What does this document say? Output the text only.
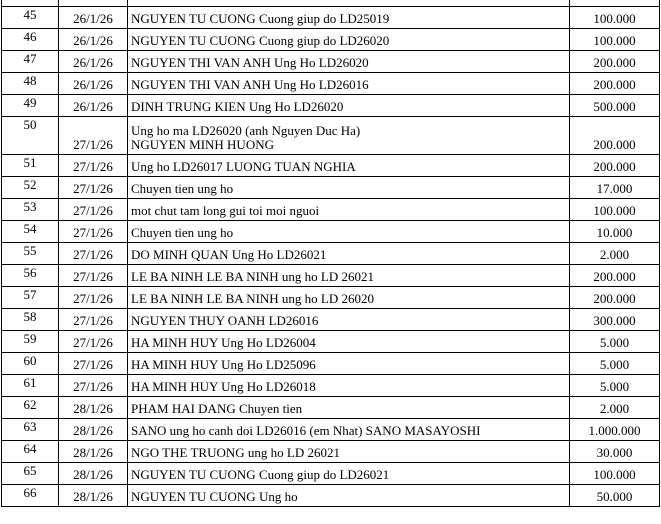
45	26/1/26	NGUYEN TU CUONG Cuong giup do LD25019	100.000
46	26/1/26	NGUYEN TU CUONG Cuong giup do LD26020	100.000
47	26/1/26	NGUYEN THI VAN ANH Ung Ho LD26020	200.000
48	26/1/26	NGUYEN THI VAN ANH Ung Ho LD26016	200.000
49	26/1/26	DINH TRUNG KIEN Ung Ho LD26020	500.000
50	27/1/26	Ung ho ma LD26020 (anh Nguyen Duc Ha)
NGUYEN MINH HUONG	200.000
51	27/1/26	Ung ho LD26017 LUONG TUAN NGHIA	200.000
52	27/1/26	Chuyen tien ung ho	17.000
53	27/1/26	mot chut tam long gui toi moi nguoi	100.000
54	27/1/26	Chuyen tien ung ho	10.000
55	27/1/26	DO MINH QUAN Ung Ho LD26021	2.000
56	27/1/26	LE BA NINH LE BA NINH ung ho LD 26021	200.000
57	27/1/26	LE BA NINH LE BA NINH ung ho LD 26020	200.000
58	27/1/26	NGUYEN THUY OANH LD26016	300.000
59	27/1/26	HA MINH HUY Ung Ho LD26004	5.000
60	27/1/26	HA MINH HUY Ung Ho LD25096	5.000
61	27/1/26	HA MINH HUY Ung Ho LD26018	5.000
62	28/1/26	PHAM HAI DANG Chuyen tien	2.000
63	28/1/26	SANO ung ho canh doi LD26016 (em Nhat) SANO MASAYOSHI	1.000.000
64	28/1/26	NGO THE TRUONG ung ho LD 26021	30.000
65	28/1/26	NGUYEN TU CUONG Cuong giup do LD26021	100.000
66	28/1/26	NGUYEN TU CUONG Ung ho	50.000
